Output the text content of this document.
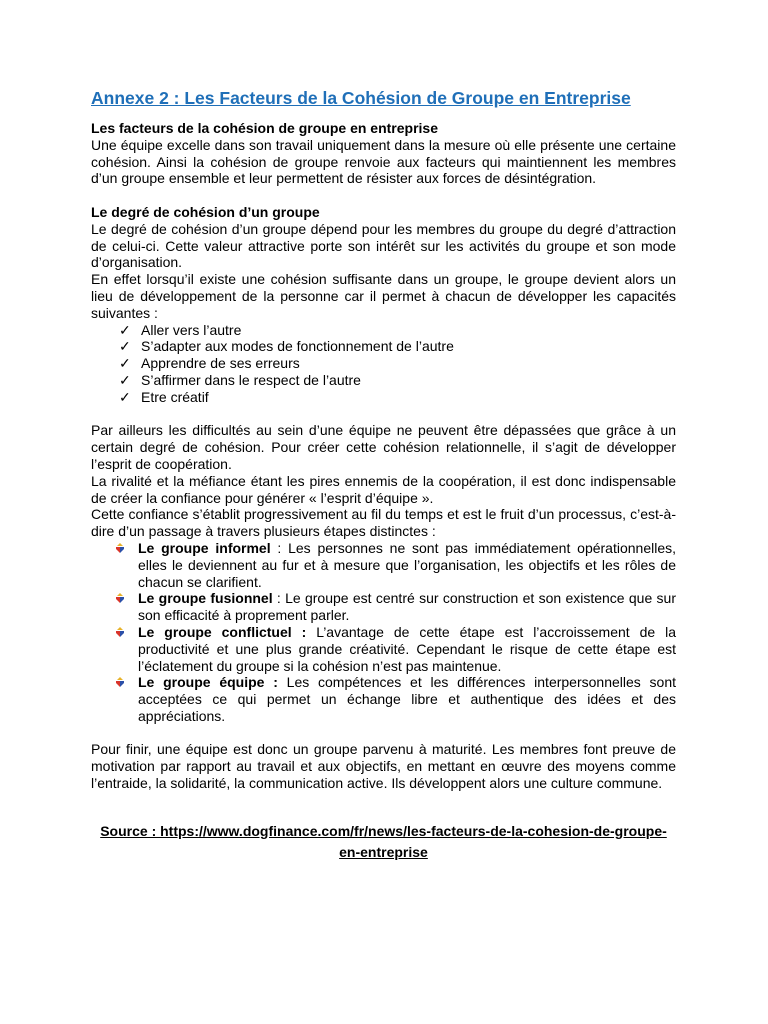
Annexe 2 : Les Facteurs de la Cohésion de Groupe en Entreprise

Les facteurs de la cohésion de groupe en entreprise

Une équipe excelle dans son travail uniquement dans la mesure où elle présente une certaine cohésion. Ainsi la cohésion de groupe renvoie aux facteurs qui maintiennent les membres d’un groupe ensemble et leur permettent de résister aux forces de désintégration.

Le degré de cohésion d’un groupe

Le degré de cohésion d’un groupe dépend pour les membres du groupe du degré d’attraction de celui-ci. Cette valeur attractive porte son intérêt sur les activités du groupe et son mode d’organisation.

En effet lorsqu’il existe une cohésion suffisante dans un groupe, le groupe devient alors un lieu de développement de la personne car il permet à chacun de développer les capacités suivantes :

✓ Aller vers l’autre
✓ S’adapter aux modes de fonctionnement de l’autre
✓ Apprendre de ses erreurs
✓ S’affirmer dans le respect de l’autre
✓ Etre créatif

Par ailleurs les difficultés au sein d’une équipe ne peuvent être dépassées que grâce à un certain degré de cohésion. Pour créer cette cohésion relationnelle, il s’agit de développer l’esprit de coopération.

La rivalité et la méfiance étant les pires ennemis de la coopération, il est donc indispensable de créer la confiance pour générer « l’esprit d’équipe ».

Cette confiance s’établit progressivement au fil du temps et est le fruit d’un processus, c’est-à-dire d’un passage à travers plusieurs étapes distinctes :

Le groupe informel : Les personnes ne sont pas immédiatement opérationnelles, elles le deviennent au fur et à mesure que l’organisation, les objectifs et les rôles de chacun se clarifient.
Le groupe fusionnel : Le groupe est centré sur construction et son existence que sur son efficacité à proprement parler.
Le groupe conflictuel : L’avantage de cette étape est l’accroissement de la productivité et une plus grande créativité. Cependant le risque de cette étape est l’éclatement du groupe si la cohésion n’est pas maintenue.
Le groupe équipe : Les compétences et les différences interpersonnelles sont acceptées ce qui permet un échange libre et authentique des idées et des appréciations.

Pour finir, une équipe est donc un groupe parvenu à maturité. Les membres font preuve de motivation par rapport au travail et aux objectifs, en mettant en œuvre des moyens comme l’entraide, la solidarité, la communication active. Ils développent alors une culture commune.

Source : https://www.dogfinance.com/fr/news/les-facteurs-de-la-cohesion-de-groupe-en-entreprise
